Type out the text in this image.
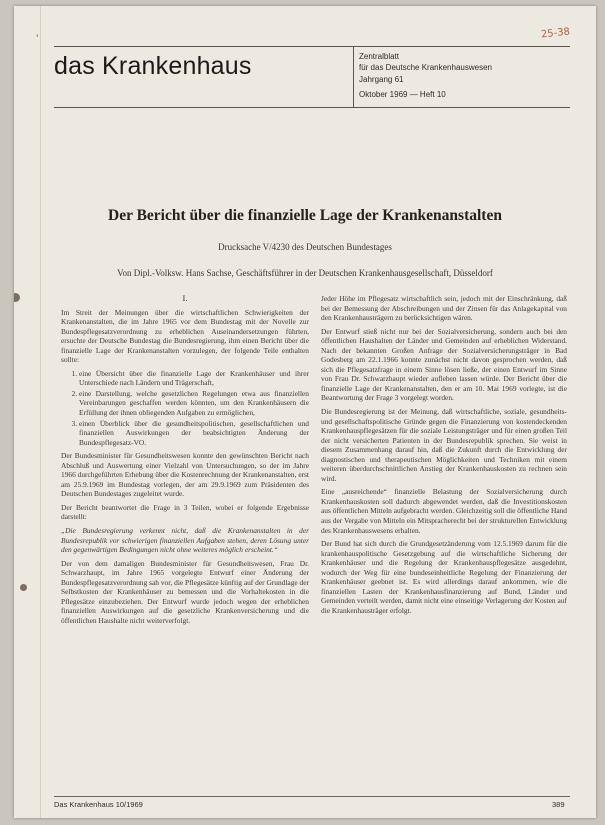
'	25-38
das Krankenhaus	Zentralblatt
für das Deutsche Krankenhauswesen
Jahrgang 61
Oktober 1969 — Heft 10
Der Bericht über die finanzielle Lage der Krankenanstalten
Drucksache V/4230 des Deutschen Bundestages
Von Dipl.-Volksw. Hans Sachse, Geschäftsführer in der Deutschen Krankenhausgesellschaft, Düsseldorf
I.

Im Streit der Meinungen über die wirtschaftlichen Schwierigkeiten der Krankenanstalten, die im Jahre 1965 vor dem Bundestag mit der Novelle zur Bundespflegesatzverordnung zu erheblichen Auseinandersetzungen führten, ersuchte der Deutsche Bundestag die Bundesregierung, ihm einen Bericht über die finanzielle Lage der Krankenanstalten vorzulegen, der folgende Teile enthalten sollte:

1. eine Übersicht über die finanzielle Lage der Krankenhäuser und ihrer Unterschiede nach Ländern und Trägerschaft,
2. eine Darstellung, welche gesetzlichen Regelungen etwa aus finanziellen Vereinbarungen geschaffen werden könnten, um den Krankenhäusern die Erfüllung der ihnen obliegenden Aufgaben zu ermöglichen,
3. einen Überblick über die gesundheitspolitischen, gesellschaftlichen und finanziellen Auswirkungen der beabsichtigten Änderung der Bundespflegesatz-VO.

Der Bundesminister für Gesundheitswesen konnte den gewünschten Bericht nach Abschluß und Auswertung einer Vielzahl von Untersuchungen, so der im Jahre 1966 durchgeführten Erhebung über die Kostenrechnung der Krankenanstalten, erst am 25.9.1969 im Bundestag vorlegen, der am 29.9.1969 zum Präsidenten des Deutschen Bundestages zugeleitet wurde.

Der Bericht beantwortet die Frage in 3 Teilen, wobei er folgende Ergebnisse darstellt:

„Die Bundesregierung verkennt nicht, daß die Krankenanstalten in der Bundesrepublik vor schwierigen finanziellen Aufgaben stehen, deren Lösung unter den gegenwärtigen Bedingungen nicht ohne weiteres möglich erscheint.“

Der von dem damaligen Bundesminister für Gesundheitswesen, Frau Dr. Schwarzhaupt, im Jahre 1965 vorgelegte Entwurf einer Änderung der Bundespflegesatzverordnung sah vor, die Pflegesätze künftig auf der Grundlage der Selbstkosten der Krankenhäuser zu bemessen und die Vorhaltekosten in die Pflegesätze einzubeziehen. Der Entwurf wurde jedoch wegen der erheblichen finanziellen Auswirkungen auf die gesetzliche Krankenversicherung und die öffentlichen Haushalte nicht weiterverfolgt.

Jeder Höhe im Pflegesatz wirtschaftlich sein, jedoch mit der Einschränkung, daß bei der Bemessung der Abschreibungen und der Zinsen für das Anlagekapital von den Krankenhausträgern zu berücksichtigen wären.

Der Entwurf stieß nicht nur bei der Sozialversicherung, sondern auch bei den öffentlichen Haushalten der Länder und Gemeinden auf erheblichen Widerstand. Nach der bekannten Großen Anfrage der Sozialversicherungsträger in Bad Godesberg am 22.1.1966 konnte zunächst nicht davon gesprochen werden, daß sich die Pflegesatzfrage in einem Sinne lösen ließe, der einen Entwurf im Sinne von Frau Dr. Schwarzhaupt wieder aufleben lassen würde. Der Bericht über die finanzielle Lage der Krankenanstalten, den er am 10. Mai 1969 vorlegte, ist die Beantwortung der Frage 3 vorgelegt worden.

Die Bundesregierung ist der Meinung, daß wirtschaftliche, soziale, gesundheits- und gesellschaftspolitische Gründe gegen die Finanzierung von kostendeckenden Krankenhauspflegesätzen für die soziale Leistungsträger und für einen großen Teil der nicht versicherten Patienten in der Bundesrepublik sprechen. Sie weist in diesem Zusammenhang darauf hin, daß die Zukunft durch die Entwicklung der diagnostischen und therapeutischen Möglichkeiten und Techniken mit einem weiteren überdurchschnittlichen Anstieg der Krankenhauskosten zu rechnen sein wird.

Eine „ausreichende“ finanzielle Belastung der Sozialversicherung durch Krankenhauskosten soll dadurch abgewendet werden, daß die Investitionskosten aus öffentlichen Mitteln aufgebracht werden. Gleichzeitig soll die öffentliche Hand aus der Vergabe von Mitteln ein Mitspracherecht bei der strukturellen Entwicklung des Krankenhauswesens erhalten.

Der Bund hat sich durch die Grundgesetzänderung vom 12.5.1969 darum für die krankenhauspolitische Gesetzgebung auf die wirtschaftliche Sicherung der Krankenhäuser und die Regelung der Krankenhauspflegesätze ausgedehnt, wodurch der Weg für eine bundeseinheitliche Regelung der Finanzierung der Krankenhäuser geebnet ist. Es wird allerdings darauf ankommen, wie die finanziellen Lasten der Krankenhausfinanzierung auf Bund, Länder und Gemeinden verteilt werden, damit nicht eine einseitige Verlagerung der Kosten auf die Krankenhausträger erfolgt.

Das Krankenhaus 10/1969	389
